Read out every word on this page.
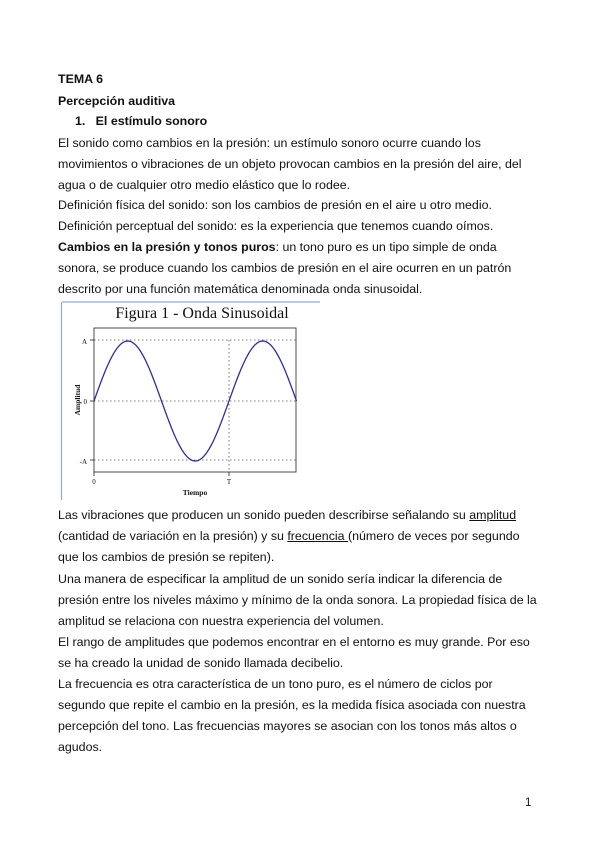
TEMA 6
Percepción auditiva
1. El estímulo sonoro
El sonido como cambios en la presión: un estímulo sonoro ocurre cuando los
movimientos o vibraciones de un objeto provocan cambios en la presión del aire, del
agua o de cualquier otro medio elástico que lo rodee.
Definición física del sonido: son los cambios de presión en el aire u otro medio.
Definición perceptual del sonido: es la experiencia que tenemos cuando oímos.
Cambios en la presión y tonos puros: un tono puro es un tipo simple de onda
sonora, se produce cuando los cambios de presión en el aire ocurren en un patrón
descrito por una función matemática denominada onda sinusoidal.
Figura 1 - Onda Sinusoidal
Amplitud
A
0
-A
0	T
Tiempo
Las vibraciones que producen un sonido pueden describirse señalando su amplitud
(cantidad de variación en la presión) y su frecuencia (número de veces por segundo
que los cambios de presión se repiten).
Una manera de especificar la amplitud de un sonido sería indicar la diferencia de
presión entre los niveles máximo y mínimo de la onda sonora. La propiedad física de la
amplitud se relaciona con nuestra experiencia del volumen.
El rango de amplitudes que podemos encontrar en el entorno es muy grande. Por eso
se ha creado la unidad de sonido llamada decibelio.
La frecuencia es otra característica de un tono puro, es el número de ciclos por
segundo que repite el cambio en la presión, es la medida física asociada con nuestra
percepción del tono. Las frecuencias mayores se asocian con los tonos más altos o
agudos.
1
